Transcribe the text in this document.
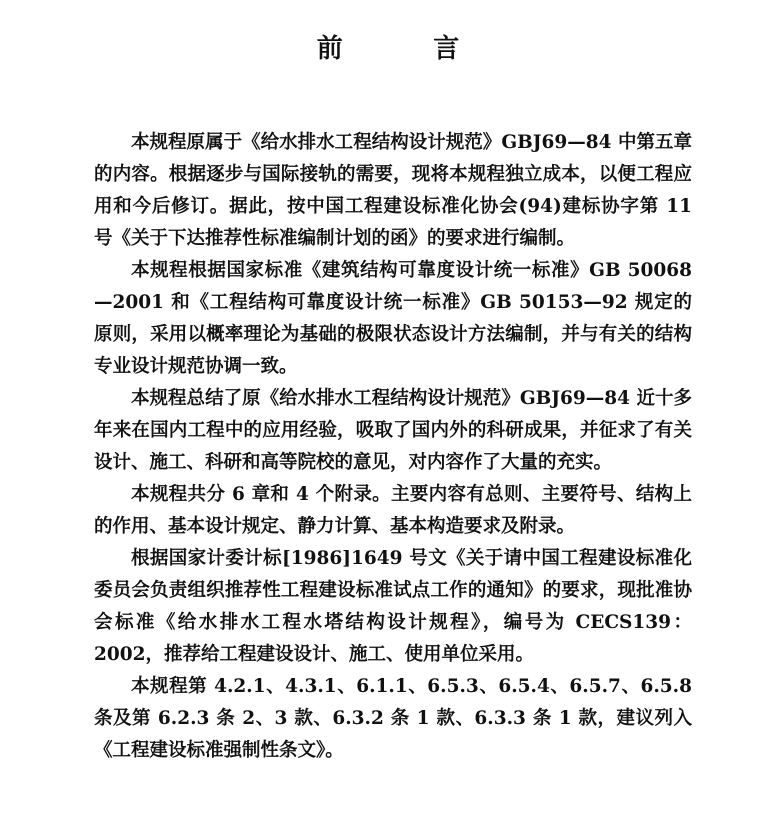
前        言

本规程原属于《给水排水工程结构设计规范》GBJ69—84 中第五章的内容。根据逐步与国际接轨的需要，现将本规程独立成本，以便工程应用和今后修订。据此，按中国工程建设标准化协会(94)建标协字第 11 号《关于下达推荐性标准编制计划的函》的要求进行编制。

本规程根据国家标准《建筑结构可靠度设计统一标准》GB 50068—2001 和《工程结构可靠度设计统一标准》GB 50153—92 规定的原则，采用以概率理论为基础的极限状态设计方法编制，并与有关的结构专业设计规范协调一致。

本规程总结了原《给水排水工程结构设计规范》GBJ69—84 近十多年来在国内工程中的应用经验，吸取了国内外的科研成果，并征求了有关设计、施工、科研和高等院校的意见，对内容作了大量的充实。

本规程共分 6 章和 4 个附录。主要内容有总则、主要符号、结构上的作用、基本设计规定、静力计算、基本构造要求及附录。

根据国家计委计标[1986]1649 号文《关于请中国工程建设标准化委员会负责组织推荐性工程建设标准试点工作的通知》的要求，现批准协会标准《给水排水工程水塔结构设计规程》，编号为 CECS139：2002，推荐给工程建设设计、施工、使用单位采用。

本规程第 4.2.1、4.3.1、6.1.1、6.5.3、6.5.4、6.5.7、6.5.8 条及第 6.2.3 条 2、3 款、6.3.2 条 1 款、6.3.3 条 1 款，建议列入《工程建设标准强制性条文》。
